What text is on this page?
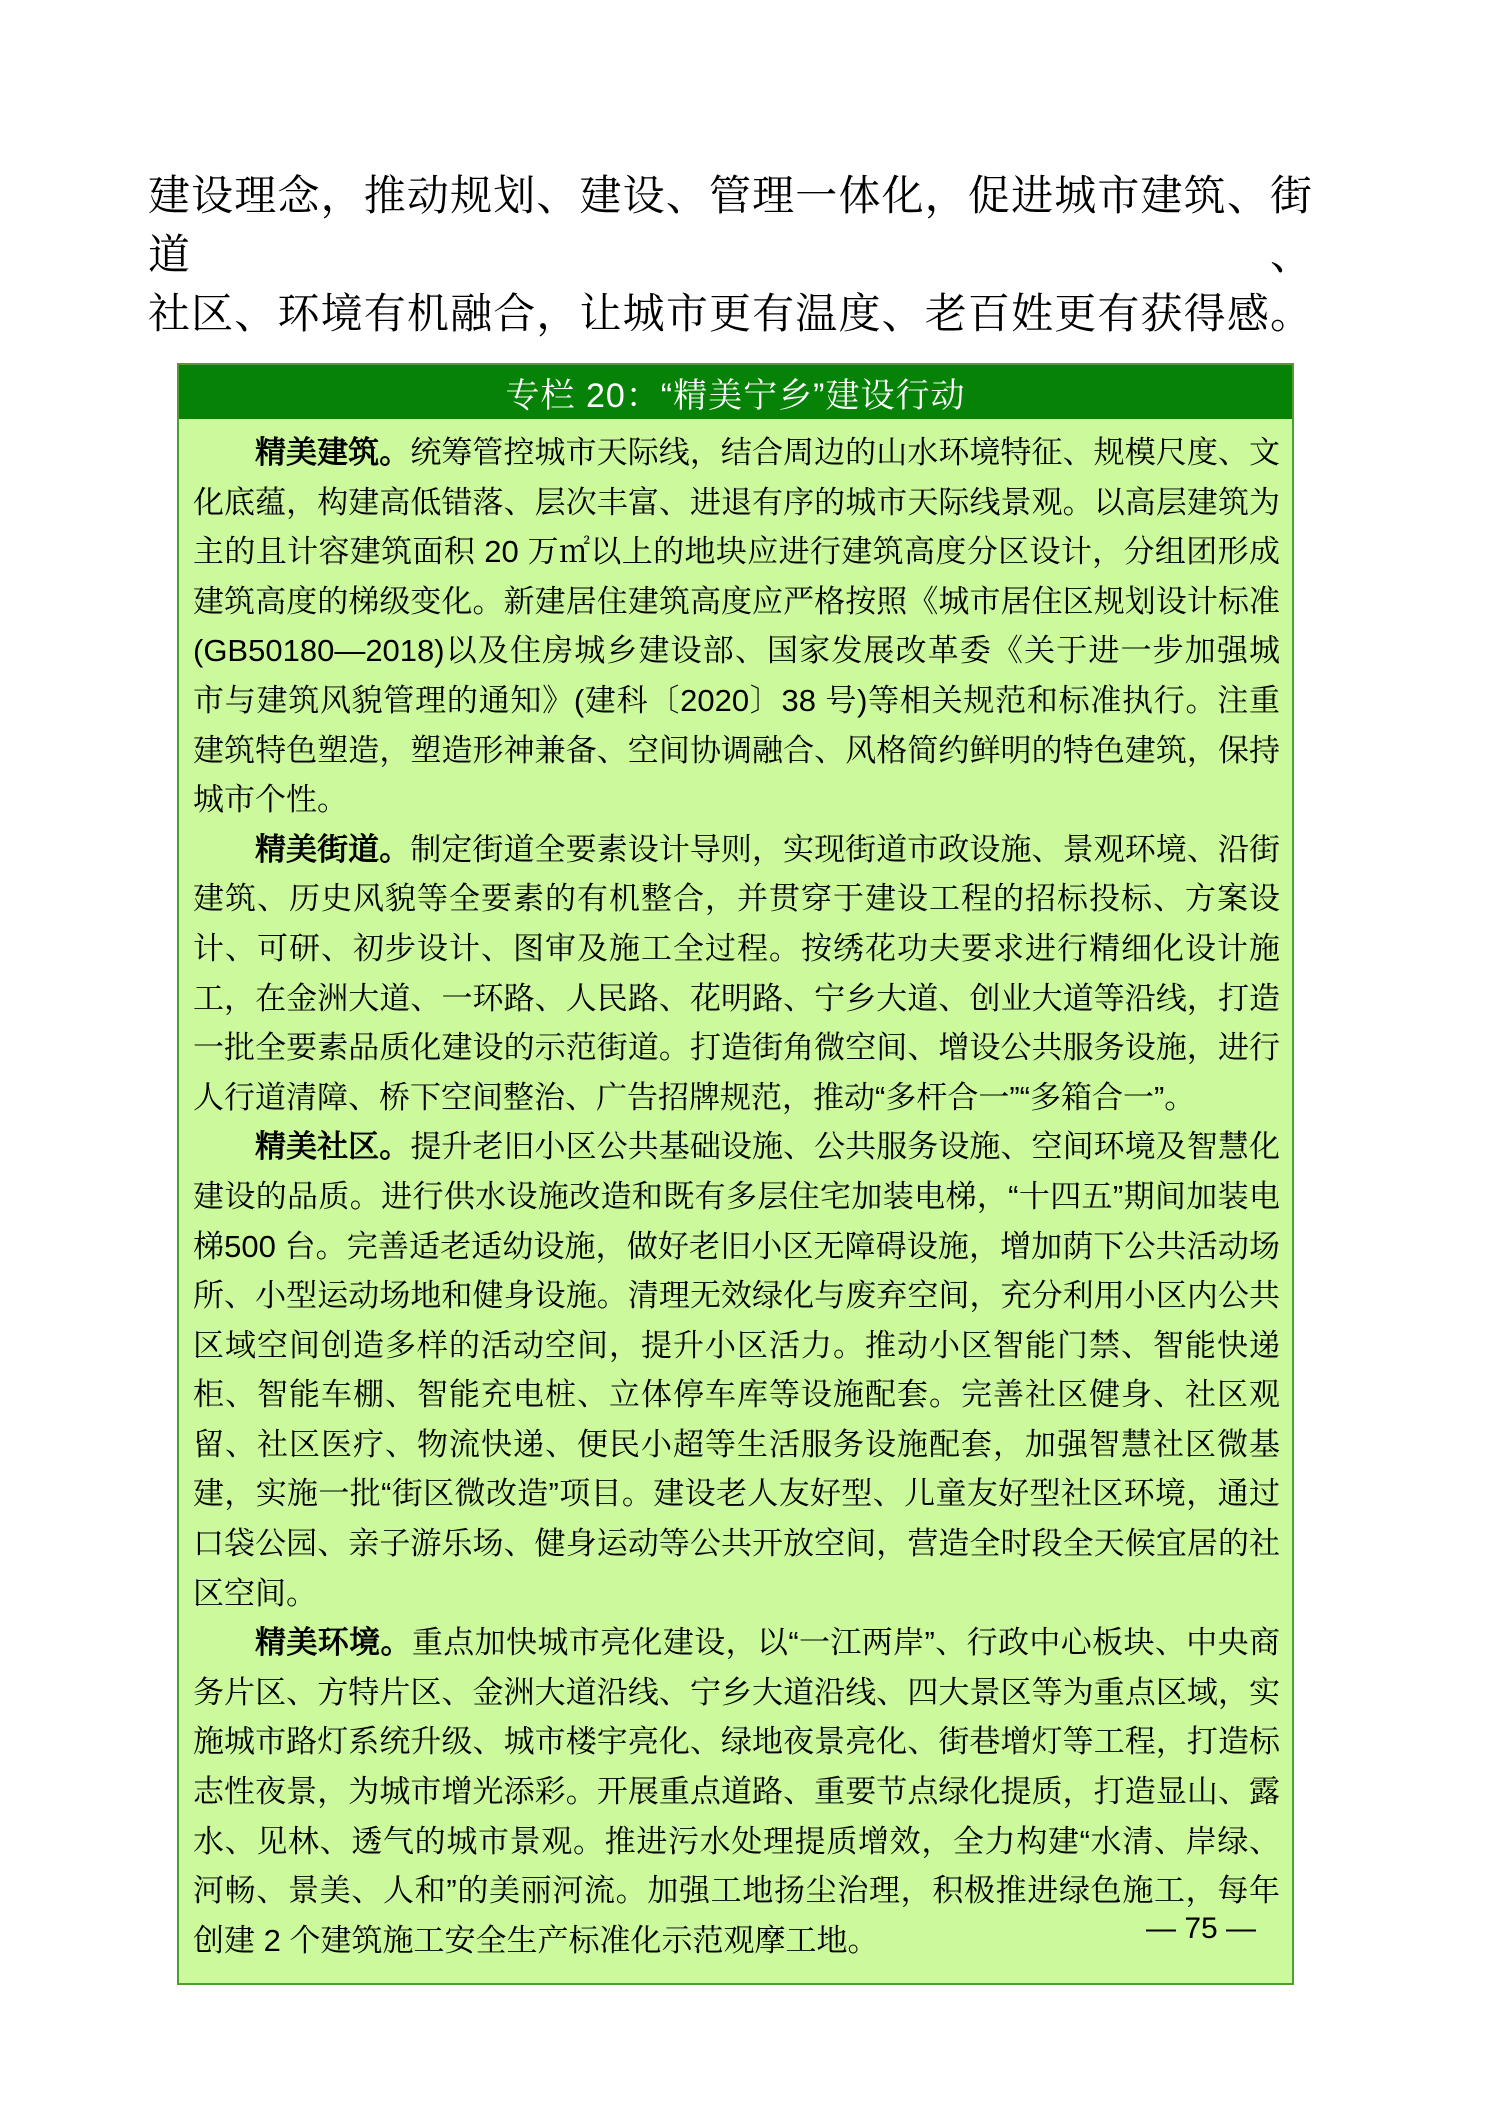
建设理念，推动规划、建设、管理一体化，促进城市建筑、街道、
社区、环境有机融合，让城市更有温度、老百姓更有获得感。
专栏 20：“精美宁乡”建设行动

精美建筑。统筹管控城市天际线，结合周边的山水环境特征、规模尺度、文化底蕴，构建高低错落、层次丰富、进退有序的城市天际线景观。以高层建筑为主的且计容建筑面积 20 万㎡以上的地块应进行建筑高度分区设计，分组团形成建筑高度的梯级变化。新建居住建筑高度应严格按照《城市居住区规划设计标准(GB50180—2018)以及住房城乡建设部、国家发展改革委《关于进一步加强城市与建筑风貌管理的通知》(建科〔2020〕38 号)等相关规范和标准执行。注重建筑特色塑造，塑造形神兼备、空间协调融合、风格简约鲜明的特色建筑，保持城市个性。

精美街道。制定街道全要素设计导则，实现街道市政设施、景观环境、沿街建筑、历史风貌等全要素的有机整合，并贯穿于建设工程的招标投标、方案设计、可研、初步设计、图审及施工全过程。按绣花功夫要求进行精细化设计施工，在金洲大道、一环路、人民路、花明路、宁乡大道、创业大道等沿线，打造一批全要素品质化建设的示范街道。打造街角微空间、增设公共服务设施，进行人行道清障、桥下空间整治、广告招牌规范，推动“多杆合一”“多箱合一”。

精美社区。提升老旧小区公共基础设施、公共服务设施、空间环境及智慧化建设的品质。进行供水设施改造和既有多层住宅加装电梯，“十四五”期间加装电梯500 台。完善适老适幼设施，做好老旧小区无障碍设施，增加荫下公共活动场所、小型运动场地和健身设施。清理无效绿化与废弃空间，充分利用小区内公共区域空间创造多样的活动空间，提升小区活力。推动小区智能门禁、智能快递柜、智能车棚、智能充电桩、立体停车库等设施配套。完善社区健身、社区观留、社区医疗、物流快递、便民小超等生活服务设施配套，加强智慧社区微基建，实施一批“街区微改造”项目。建设老人友好型、儿童友好型社区环境，通过口袋公园、亲子游乐场、健身运动等公共开放空间，营造全时段全天候宜居的社区空间。

精美环境。重点加快城市亮化建设，以“一江两岸”、行政中心板块、中央商务片区、方特片区、金洲大道沿线、宁乡大道沿线、四大景区等为重点区域，实施城市路灯系统升级、城市楼宇亮化、绿地夜景亮化、街巷增灯等工程，打造标志性夜景，为城市增光添彩。开展重点道路、重要节点绿化提质，打造显山、露水、见林、透气的城市景观。推进污水处理提质增效，全力构建“水清、岸绿、河畅、景美、人和”的美丽河流。加强工地扬尘治理，积极推进绿色施工，每年创建 2 个建筑施工安全生产标准化示范观摩工地。	— 75 —
